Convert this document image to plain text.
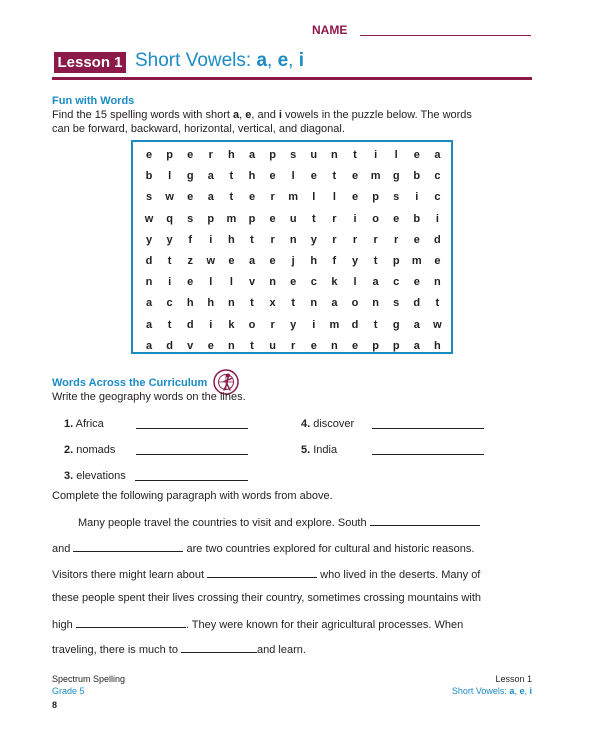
NAME
Lesson 1 Short Vowels: a, e, i
Fun with Words
Find the 15 spelling words with short a, e, and i vowels in the puzzle below. The words
can be forward, backward, horizontal, vertical, and diagonal.
e	p	e	r	h	a	p	s	u	n	t	i	l	e	a
b	l	g	a	t	h	e	l	e	t	e	m	g	b	c
s	w	e	a	t	e	r	m	l	l	e	p	s	i	c
w	q	s	p	m	p	e	u	t	r	i	o	e	b	i
y	y	f	i	h	t	r	n	y	r	r	r	r	e	d
d	t	z	w	e	a	e	j	h	f	y	t	p	m	e
n	i	e	l	l	v	n	e	c	k	l	a	c	e	n
a	c	h	h	n	t	x	t	n	a	o	n	s	d	t
a	t	d	i	k	o	r	y	i	m	d	t	g	a	w
a	d	v	e	n	t	u	r	e	n	e	p	p	a	h
Words Across the Curriculum
Write the geography words on the lines.
1. Africa
2. nomads
3. elevations
4. discover
5. India
Complete the following paragraph with words from above.
Many people travel the countries to visit and explore. South
and	are two countries explored for cultural and historic reasons.
Visitors there might learn about	who lived in the deserts. Many of
these people spent their lives crossing their country, sometimes crossing mountains with
high	. They were known for their agricultural processes. When
traveling, there is much to	and learn.
Spectrum Spelling
Grade 5
8
Lesson 1
Short Vowels: a, e, i
